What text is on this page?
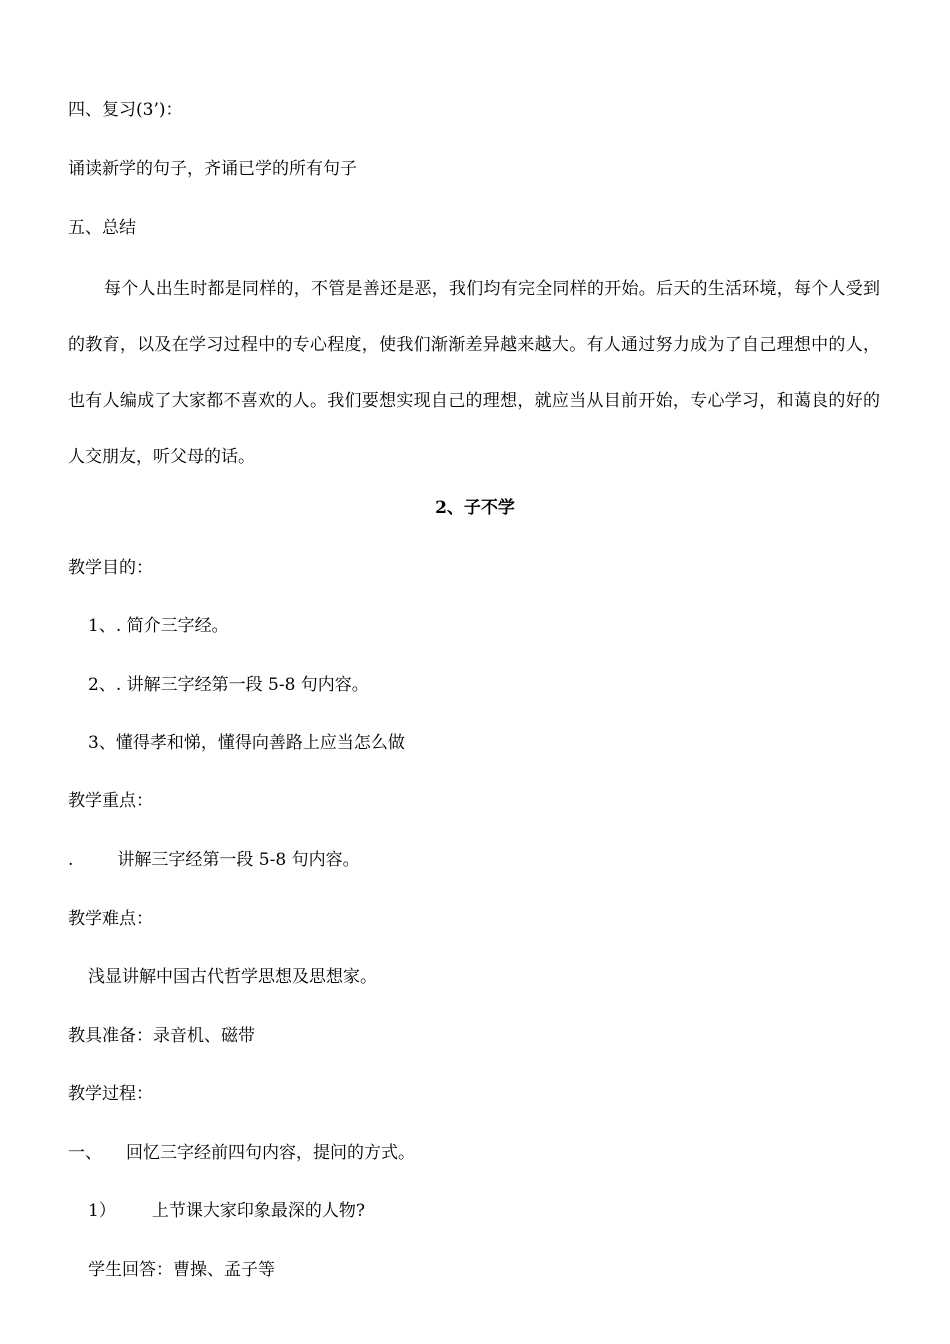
四、复习(3’)：
诵读新学的句子，齐诵已学的所有句子
五、总结
每个人出生时都是同样的，不管是善还是恶，我们均有完全同样的开始。后天的生活环境，每个人受到的教育，以及在学习过程中的专心程度，使我们渐渐差异越来越大。有人通过努力成为了自己理想中的人，也有人编成了大家都不喜欢的人。我们要想实现自己的理想，就应当从目前开始，专心学习，和蔼良的好的人交朋友，听父母的话。
2、子不学
教学目的：
1、. 简介三字经。
2、. 讲解三字经第一段 5-8 句内容。
3、懂得孝和悌，懂得向善路上应当怎么做
教学重点：
.	讲解三字经第一段 5-8 句内容。
教学难点：
浅显讲解中国古代哲学思想及思想家。
教具准备：录音机、磁带
教学过程：
一、 回忆三字经前四句内容，提问的方式。
1） 上节课大家印象最深的人物?
学生回答：曹操、孟子等
